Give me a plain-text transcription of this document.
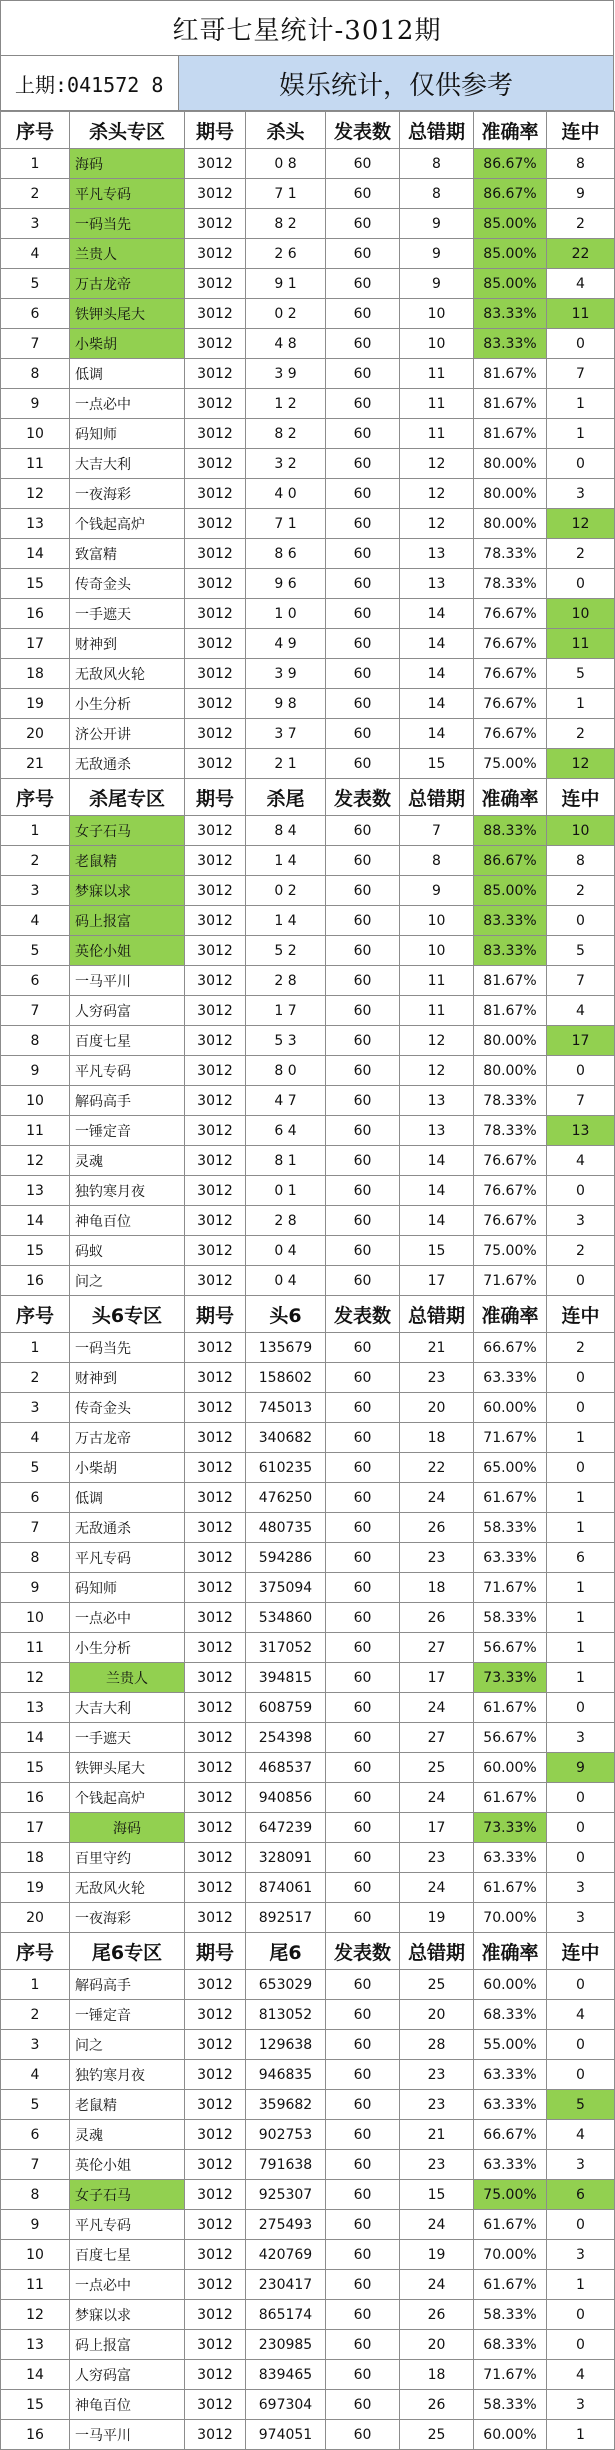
红哥七星统计-3012期
上期:041572 8	娱乐统计，仅供参考
序号	杀头专区	期号	杀头	发表数	总错期	准确率	连中
1	海码	3012	0 8	60	8	86.67%	8
2	平凡专码	3012	7 1	60	8	86.67%	9
3	一码当先	3012	8 2	60	9	85.00%	2
4	兰贵人	3012	2 6	60	9	85.00%	22
5	万古龙帝	3012	9 1	60	9	85.00%	4
6	铁钾头尾大	3012	0 2	60	10	83.33%	11
7	小柴胡	3012	4 8	60	10	83.33%	0
8	低调	3012	3 9	60	11	81.67%	7
9	一点必中	3012	1 2	60	11	81.67%	1
10	码知师	3012	8 2	60	11	81.67%	1
11	大吉大利	3012	3 2	60	12	80.00%	0
12	一夜海彩	3012	4 0	60	12	80.00%	3
13	个钱起高炉	3012	7 1	60	12	80.00%	12
14	致富精	3012	8 6	60	13	78.33%	2
15	传奇金头	3012	9 6	60	13	78.33%	0
16	一手遮天	3012	1 0	60	14	76.67%	10
17	财神到	3012	4 9	60	14	76.67%	11
18	无敌风火轮	3012	3 9	60	14	76.67%	5
19	小生分析	3012	9 8	60	14	76.67%	1
20	济公开讲	3012	3 7	60	14	76.67%	2
21	无敌通杀	3012	2 1	60	15	75.00%	12
序号	杀尾专区	期号	杀尾	发表数	总错期	准确率	连中
1	女子石马	3012	8 4	60	7	88.33%	10
2	老鼠精	3012	1 4	60	8	86.67%	8
3	梦寐以求	3012	0 2	60	9	85.00%	2
4	码上报富	3012	1 4	60	10	83.33%	0
5	英伦小姐	3012	5 2	60	10	83.33%	5
6	一马平川	3012	2 8	60	11	81.67%	7
7	人穷码富	3012	1 7	60	11	81.67%	4
8	百度七星	3012	5 3	60	12	80.00%	17
9	平凡专码	3012	8 0	60	12	80.00%	0
10	解码高手	3012	4 7	60	13	78.33%	7
11	一锤定音	3012	6 4	60	13	78.33%	13
12	灵魂	3012	8 1	60	14	76.67%	4
13	独钓寒月夜	3012	0 1	60	14	76.67%	0
14	神龟百位	3012	2 8	60	14	76.67%	3
15	码蚁	3012	0 4	60	15	75.00%	2
16	问之	3012	0 4	60	17	71.67%	0
序号	头6专区	期号	头6	发表数	总错期	准确率	连中
1	一码当先	3012	135679	60	21	66.67%	2
2	财神到	3012	158602	60	23	63.33%	0
3	传奇金头	3012	745013	60	20	60.00%	0
4	万古龙帝	3012	340682	60	18	71.67%	1
5	小柴胡	3012	610235	60	22	65.00%	0
6	低调	3012	476250	60	24	61.67%	1
7	无敌通杀	3012	480735	60	26	58.33%	1
8	平凡专码	3012	594286	60	23	63.33%	6
9	码知师	3012	375094	60	18	71.67%	1
10	一点必中	3012	534860	60	26	58.33%	1
11	小生分析	3012	317052	60	27	56.67%	1
12	兰贵人	3012	394815	60	17	73.33%	1
13	大吉大利	3012	608759	60	24	61.67%	0
14	一手遮天	3012	254398	60	27	56.67%	3
15	铁钾头尾大	3012	468537	60	25	60.00%	9
16	个钱起高炉	3012	940856	60	24	61.67%	0
17	海码	3012	647239	60	17	73.33%	0
18	百里守约	3012	328091	60	23	63.33%	0
19	无敌风火轮	3012	874061	60	24	61.67%	3
20	一夜海彩	3012	892517	60	19	70.00%	3
序号	尾6专区	期号	尾6	发表数	总错期	准确率	连中
1	解码高手	3012	653029	60	25	60.00%	0
2	一锤定音	3012	813052	60	20	68.33%	4
3	问之	3012	129638	60	28	55.00%	0
4	独钓寒月夜	3012	946835	60	23	63.33%	0
5	老鼠精	3012	359682	60	23	63.33%	5
6	灵魂	3012	902753	60	21	66.67%	4
7	英伦小姐	3012	791638	60	23	63.33%	3
8	女子石马	3012	925307	60	15	75.00%	6
9	平凡专码	3012	275493	60	24	61.67%	0
10	百度七星	3012	420769	60	19	70.00%	3
11	一点必中	3012	230417	60	24	61.67%	1
12	梦寐以求	3012	865174	60	26	58.33%	0
13	码上报富	3012	230985	60	20	68.33%	0
14	人穷码富	3012	839465	60	18	71.67%	4
15	神龟百位	3012	697304	60	26	58.33%	3
16	一马平川	3012	974051	60	25	60.00%	1
